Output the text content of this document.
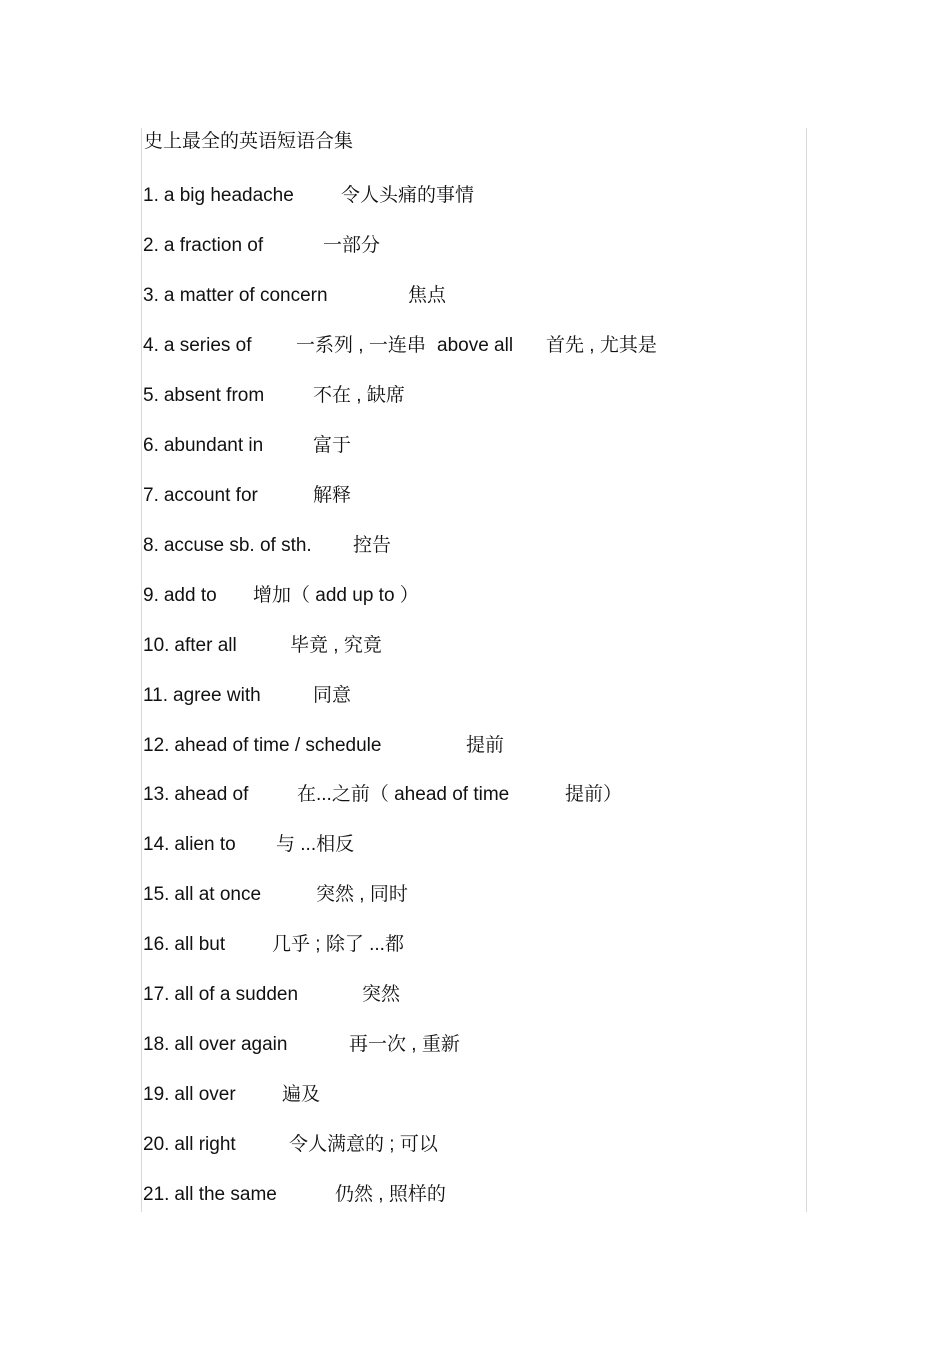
史上最全的英语短语合集
1. a big headache 令人头痛的事情
2. a fraction of	一部分
3. a matter of concern	焦点
4. a series of 一系列 , 一连串 above all 首先 , 尤其是
5. absent from	不在 , 缺席
6. abundant in	富于
7. account for	解释
8. accuse sb. of sth. 控告
9. add to 增加（ add up to ）
10. after all	毕竟 , 究竟
11. agree with	同意
12. ahead of time / schedule	提前
13. ahead of	在...之前（ ahead of time	提前）
14. alien to 与 ...相反
15. all at once	突然 , 同时
16. all but 几乎 ; 除了 ...都
17. all of a sudden	突然
18. all over again	再一次 , 重新
19. all over 遍及
20. all right	令人满意的 ; 可以
21. all the same	仍然 , 照样的
